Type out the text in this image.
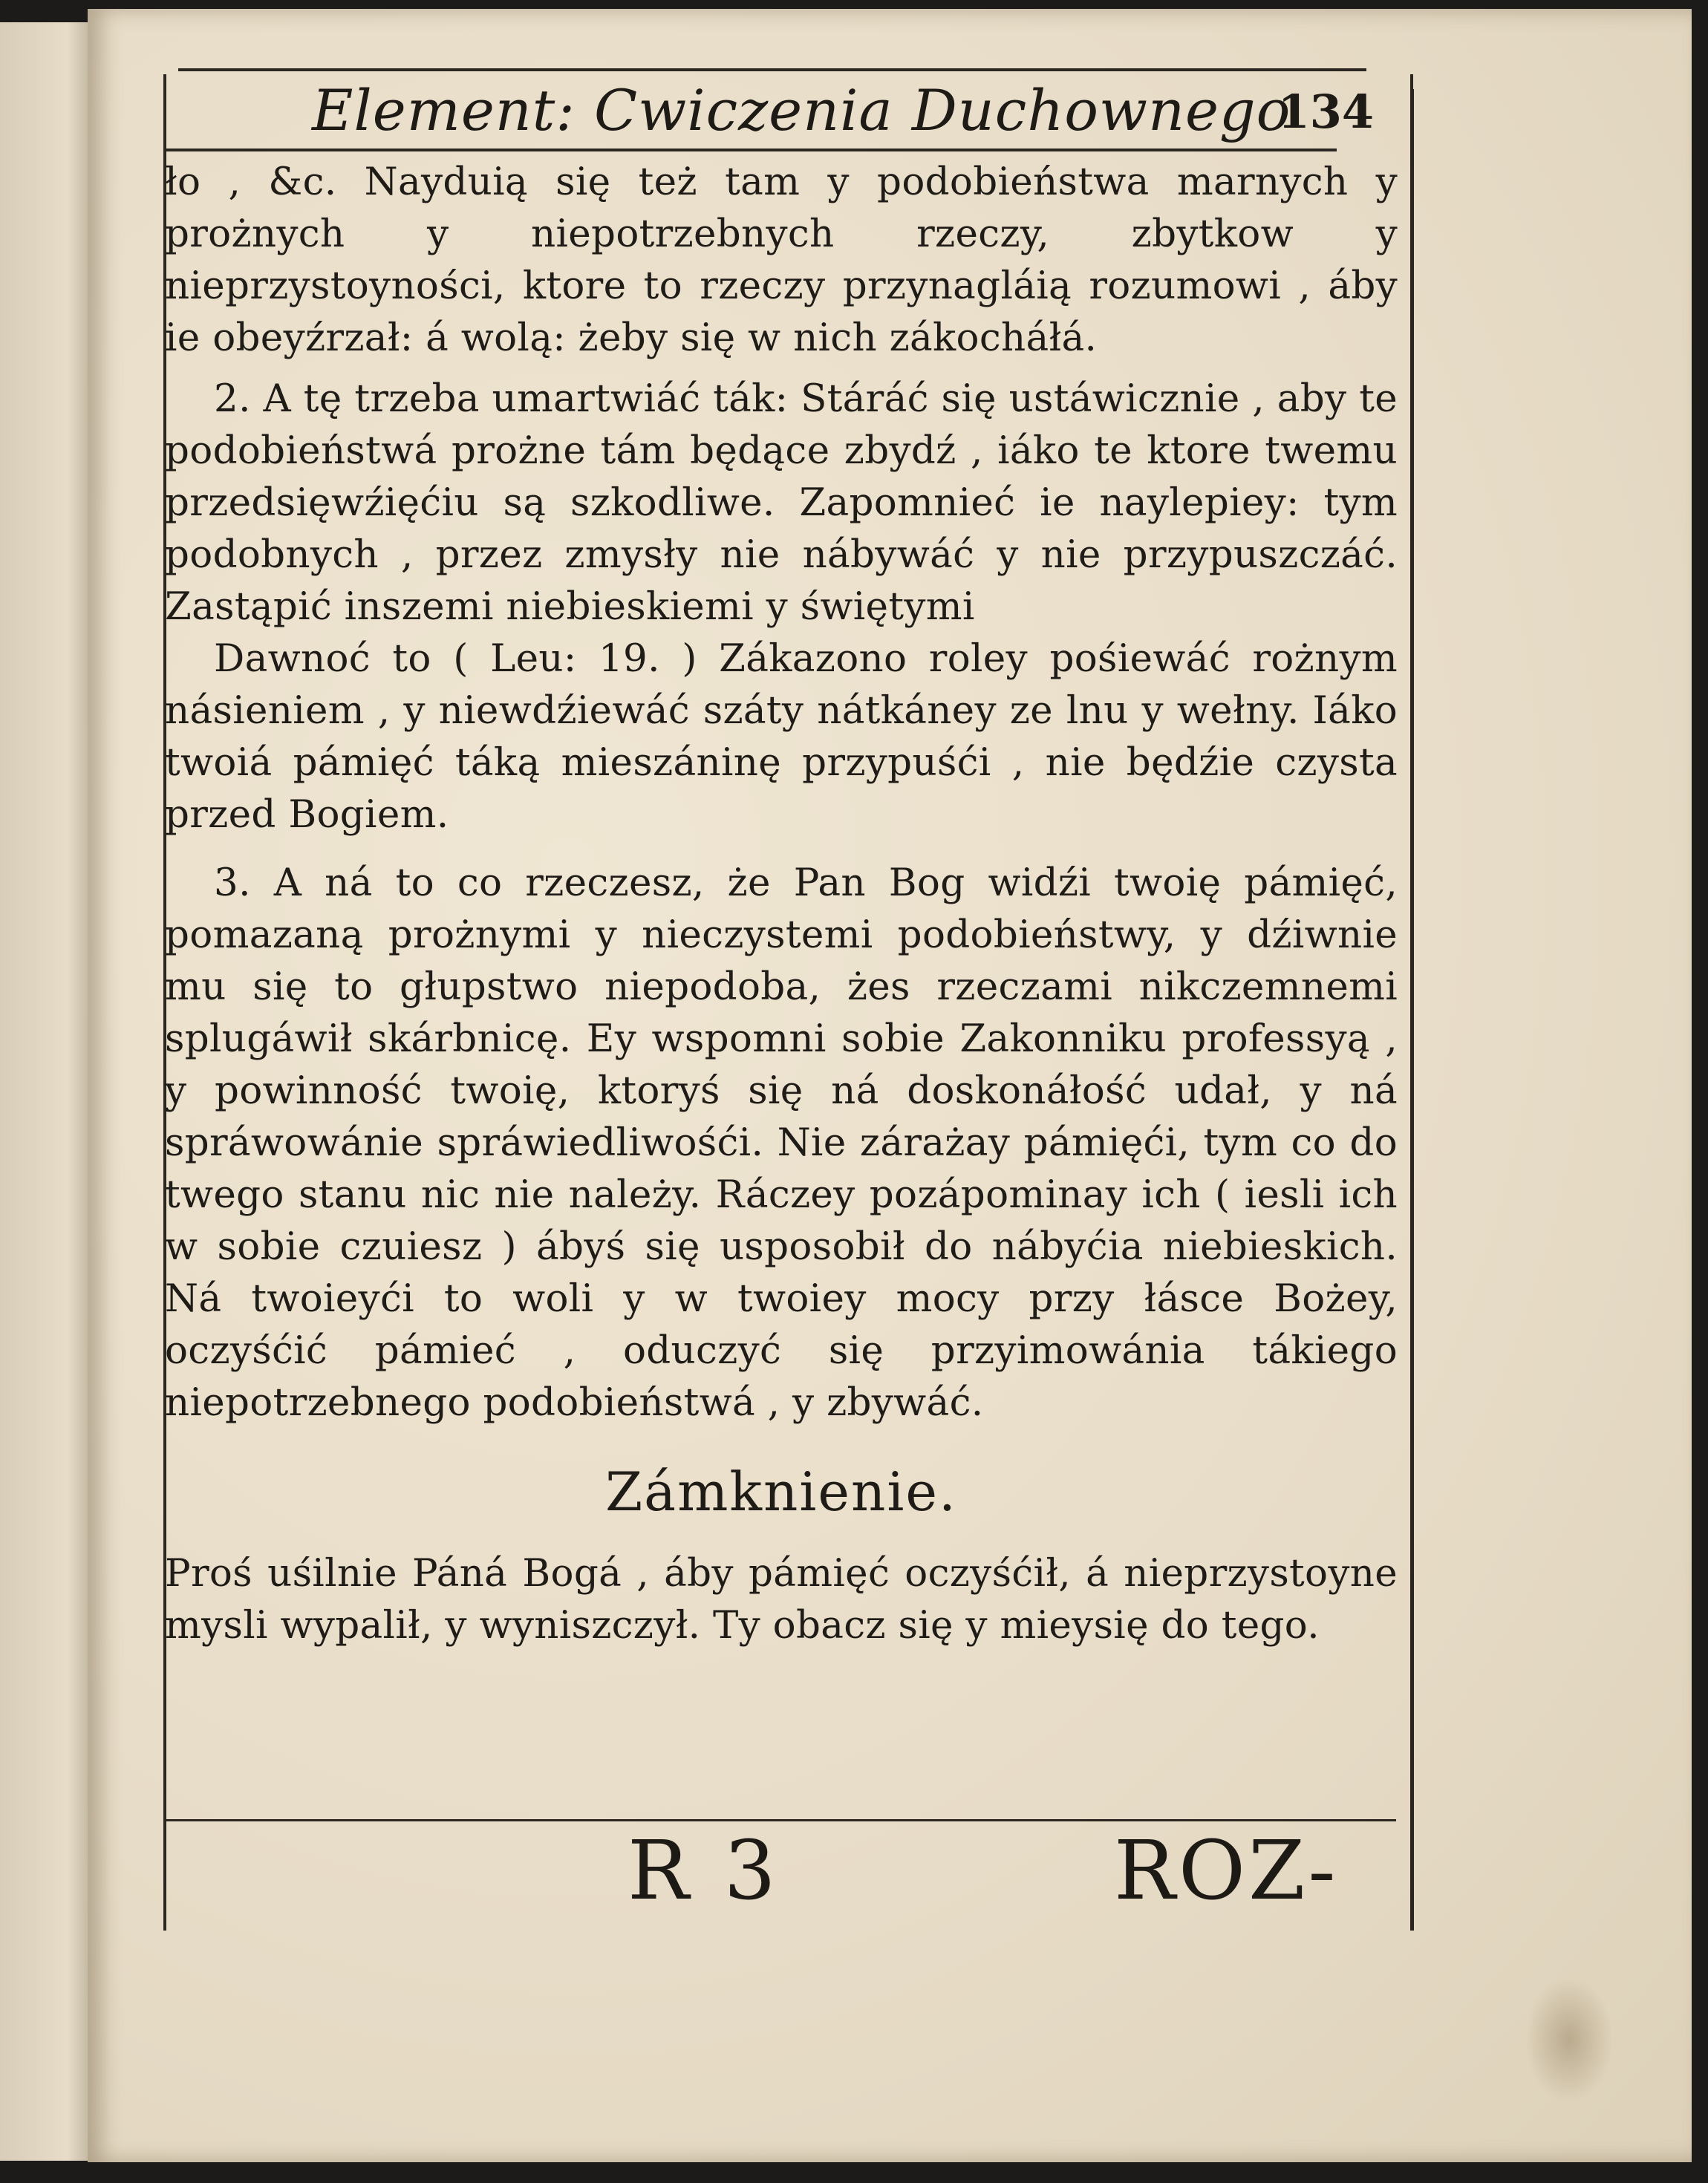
Element: Cwiczenia Duchownego
134

ło , &c. Nayduią się też tam y podobieństwa marnych y prożnych y niepotrzebnych rzeczy, zbytkow y nieprzystoyności, ktore to rzeczy przynagláią rozumowi , áby ie obeyźrzał: á wolą: żeby się w nich zákocháłá.

2. A tę trzeba umartwiáć ták: Stáráć się ustáwicznie , aby te podobieństwá prożne tám będące zbydź , iáko te ktore twemu przedsięwźięćiu są szkodliwe. Zapomnieć ie naylepiey: tym podobnych , przez zmysły nie nábywáć y nie przypuszczáć. Zastąpić inszemi niebieskiemi y świętymi

Dawnoć to ( Leu: 19. ) Zákazono roley pośiewáć rożnym násieniem , y niewdźiewáć száty nátkáney ze lnu y wełny. Iáko twoiá pámięć táką mieszáninę przypuśći , nie będźie czysta przed Bogiem.

3. A ná to co rzeczesz, że Pan Bog widźi twoię pámięć, pomazaną prożnymi y nieczystemi podobieństwy, y dźiwnie mu się to głupstwo niepodoba, żes rzeczami nikczemnemi splugáwił skárbnicę. Ey wspomni sobie Zakonniku professyą , y powinność twoię, ktoryś się ná doskonáłość udał, y ná spráwowánie spráwiedliwośći. Nie zárażay pámięći, tym co do twego stanu nic nie należy. Ráczey pozápominay ich ( iesli ich w sobie czuiesz ) ábyś się usposobił do nábyćia niebieskich. Ná twoieyći to woli y w twoiey mocy przy łásce Bożey, oczyśćić pámieć , oduczyć się przyimowánia tákiego niepotrzebnego podobieństwá , y zbywáć.

Zámknienie.

Proś uśilnie Páná Bogá , áby pámięć oczyśćił, á nieprzystoyne mysli wypalił, y wyniszczył. Ty obacz się y mieysię do tego.

R 3	ROZ-
